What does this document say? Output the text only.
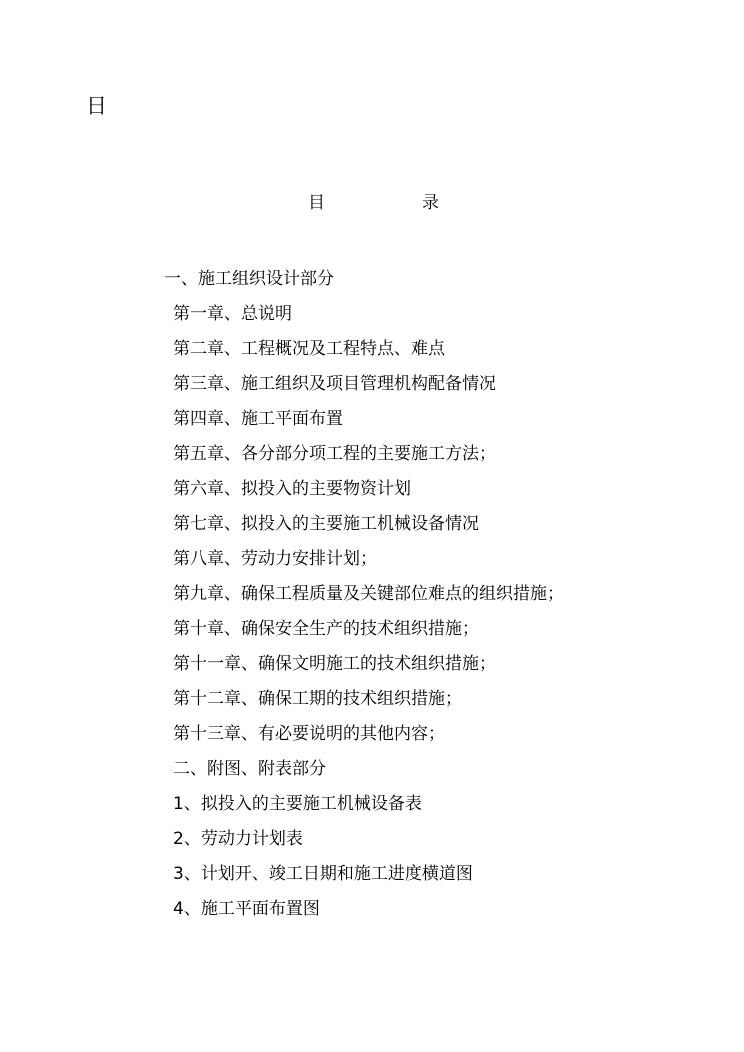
日
目	录
一、施工组织设计部分
第一章、总说明
第二章、工程概况及工程特点、难点
第三章、施工组织及项目管理机构配备情况
第四章、施工平面布置
第五章、各分部分项工程的主要施工方法；
第六章、拟投入的主要物资计划
第七章、拟投入的主要施工机械设备情况
第八章、劳动力安排计划；
第九章、确保工程质量及关键部位难点的组织措施；
第十章、确保安全生产的技术组织措施；
第十一章、确保文明施工的技术组织措施；
第十二章、确保工期的技术组织措施；
第十三章、有必要说明的其他内容；
二、附图、附表部分
1、拟投入的主要施工机械设备表
2、劳动力计划表
3、计划开、竣工日期和施工进度横道图
4、施工平面布置图
